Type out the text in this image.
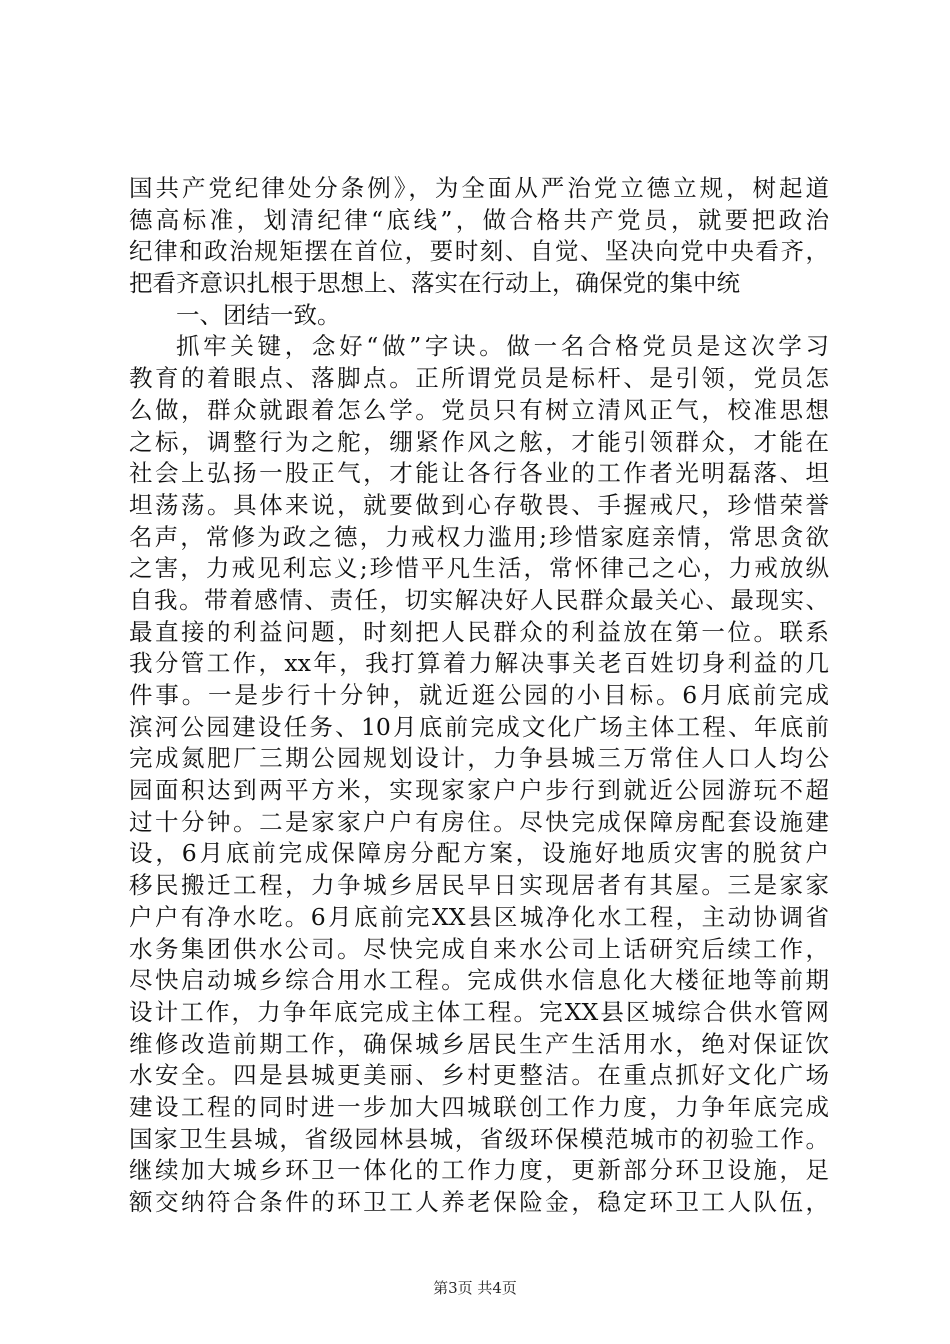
国共产党纪律处分条例》，为全面从严治党立德立规，树起道
德高标准，划清纪律“底线”，做合格共产党员，就要把政治
纪律和政治规矩摆在首位，要时刻、自觉、坚决向党中央看齐，
把看齐意识扎根于思想上、落实在行动上，确保党的集中统
一、团结一致。
抓牢关键，念好“做”字诀。做一名合格党员是这次学习
教育的着眼点、落脚点。正所谓党员是标杆、是引领，党员怎
么做，群众就跟着怎么学。党员只有树立清风正气，校准思想
之标，调整行为之舵，绷紧作风之舷，才能引领群众，才能在
社会上弘扬一股正气，才能让各行各业的工作者光明磊落、坦
坦荡荡。具体来说，就要做到心存敬畏、手握戒尺，珍惜荣誉
名声，常修为政之德，力戒权力滥用;珍惜家庭亲情，常思贪欲
之害，力戒见利忘义;珍惜平凡生活，常怀律己之心，力戒放纵
自我。带着感情、责任，切实解决好人民群众最关心、最现实、
最直接的利益问题，时刻把人民群众的利益放在第一位。联系
我分管工作，xx年，我打算着力解决事关老百姓切身利益的几
件事。一是步行十分钟，就近逛公园的小目标。6月底前完成
滨河公园建设任务、10月底前完成文化广场主体工程、年底前
完成氮肥厂三期公园规划设计，力争县城三万常住人口人均公
园面积达到两平方米，实现家家户户步行到就近公园游玩不超
过十分钟。二是家家户户有房住。尽快完成保障房配套设施建
设，6月底前完成保障房分配方案，设施好地质灾害的脱贫户
移民搬迁工程，力争城乡居民早日实现居者有其屋。三是家家
户户有净水吃。6月底前完XX县区城净化水工程，主动协调省
水务集团供水公司。尽快完成自来水公司上话研究后续工作，
尽快启动城乡综合用水工程。完成供水信息化大楼征地等前期
设计工作，力争年底完成主体工程。完XX县区城综合供水管网
维修改造前期工作，确保城乡居民生产生活用水，绝对保证饮
水安全。四是县城更美丽、乡村更整洁。在重点抓好文化广场
建设工程的同时进一步加大四城联创工作力度，力争年底完成
国家卫生县城，省级园林县城，省级环保模范城市的初验工作。
继续加大城乡环卫一体化的工作力度，更新部分环卫设施，足
额交纳符合条件的环卫工人养老保险金，稳定环卫工人队伍，
第3页 共4页
